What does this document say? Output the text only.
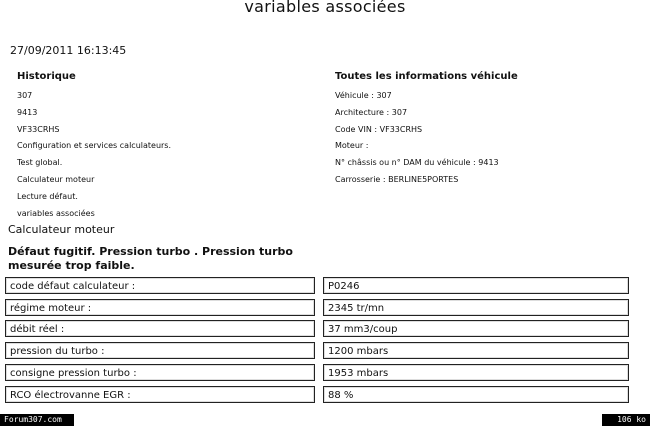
variables associées
27/09/2011 16:13:45
Historique
307
9413
VF33CRHS
Configuration et services calculateurs.
Test global.
Calculateur moteur
Lecture défaut.
variables associées
Toutes les informations véhicule
Véhicule : 307
Architecture : 307
Code VIN : VF33CRHS
Moteur :
N° châssis ou n° DAM du véhicule : 9413
Carrosserie : BERLINE5PORTES
Calculateur moteur
Défaut fugitif. Pression turbo . Pression turbo mesurée trop faible.
code défaut calculateur :	P0246
régime moteur :	2345 tr/mn
débit réel :	37 mm3/coup
pression du turbo :	1200 mbars
consigne pression turbo :	1953 mbars
RCO électrovanne EGR :	88 %
Forum307.com	106 ko
